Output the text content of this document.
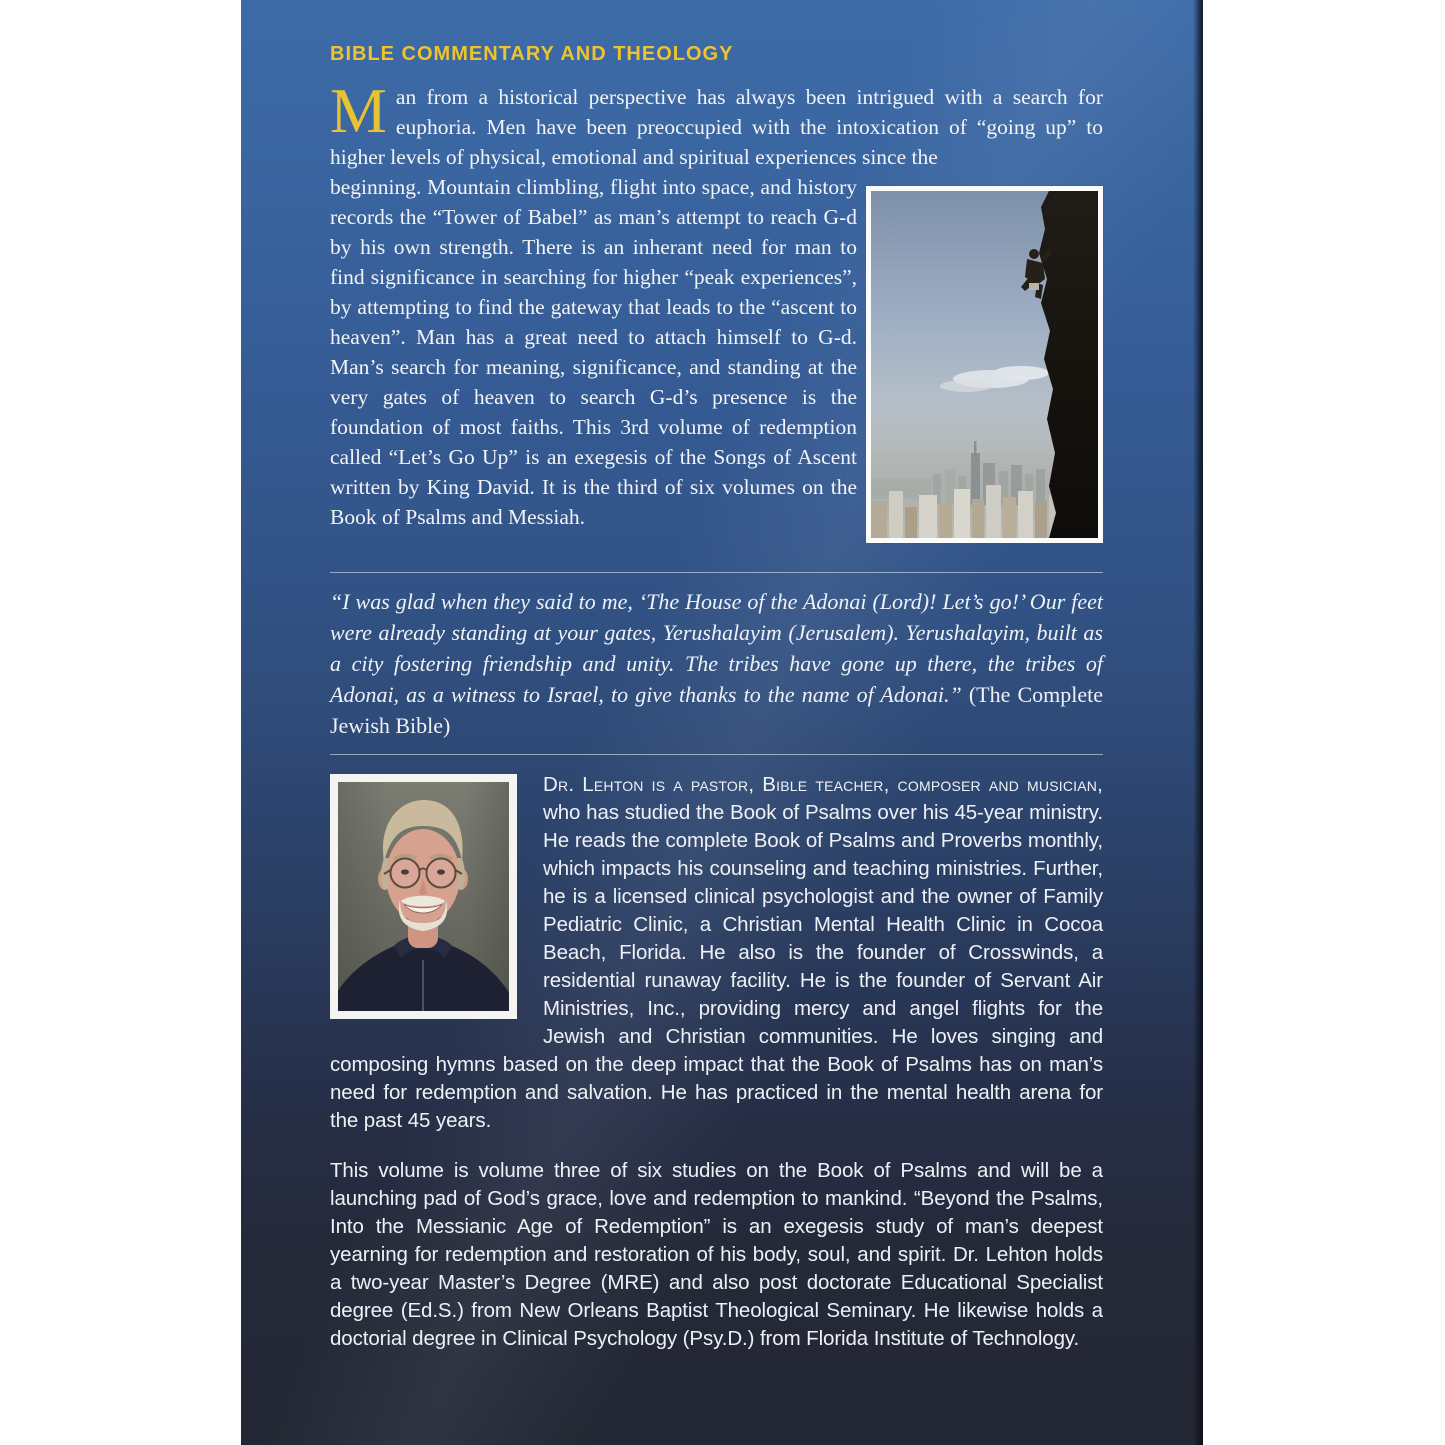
BIBLE COMMENTARY AND THEOLOGY

Man from a historical perspective has always been intrigued with a search for euphoria. Men have been preoccupied with the intoxication of “going up” to higher levels of physical, emotional and spiritual experiences since the

beginning. Mountain climbling, flight into space, and history records the “Tower of Babel” as man’s attempt to reach G-d by his own strength. There is an inherant need for man to find significance in searching for higher “peak experiences”, by attempting to find the gateway that leads to the “ascent to heaven”. Man has a great need to attach himself to G-d. Man’s search for meaning, significance, and standing at the very gates of heaven to search G-d’s presence is the foundation of most faiths. This 3rd volume of redemption called “Let’s Go Up” is an exegesis of the Songs of Ascent written by King David. It is the third of six volumes on the Book of Psalms and Messiah.

“I was glad when they said to me, ‘The House of the Adonai (Lord)! Let’s go!’ Our feet were already standing at your gates, Yerushalayim (Jerusalem). Yerushalayim, built as a city fostering friendship and unity. The tribes have gone up there, the tribes of Adonai, as a witness to Israel, to give thanks to the name of Adonai.” (The Complete Jewish Bible)

Dr. Lehton is a pastor, Bible teacher, composer and musician, who has studied the Book of Psalms over his 45-year ministry. He reads the complete Book of Psalms and Proverbs monthly, which impacts his counseling and teaching ministries. Further, he is a licensed clinical psychologist and the owner of Family Pediatric Clinic, a Christian Mental Health Clinic in Cocoa Beach, Florida. He also is the founder of Crosswinds, a residential runaway facility. He is the founder of Servant Air Ministries, Inc., providing mercy and angel flights for the Jewish and Christian communities. He loves singing and composing hymns based on the deep impact that the Book of Psalms has on man’s need for redemption and salvation. He has practiced in the mental health arena for the past 45 years.

This volume is volume three of six studies on the Book of Psalms and will be a launching pad of God’s grace, love and redemption to mankind. “Beyond the Psalms, Into the Messianic Age of Redemption” is an exegesis study of man’s deepest yearning for redemption and restoration of his body, soul, and spirit. Dr. Lehton holds a two-year Master’s Degree (MRE) and also post doctorate Educational Specialist degree (Ed.S.) from New Orleans Baptist Theological Seminary. He likewise holds a doctorial degree in Clinical Psychology (Psy.D.) from Florida Institute of Technology.
